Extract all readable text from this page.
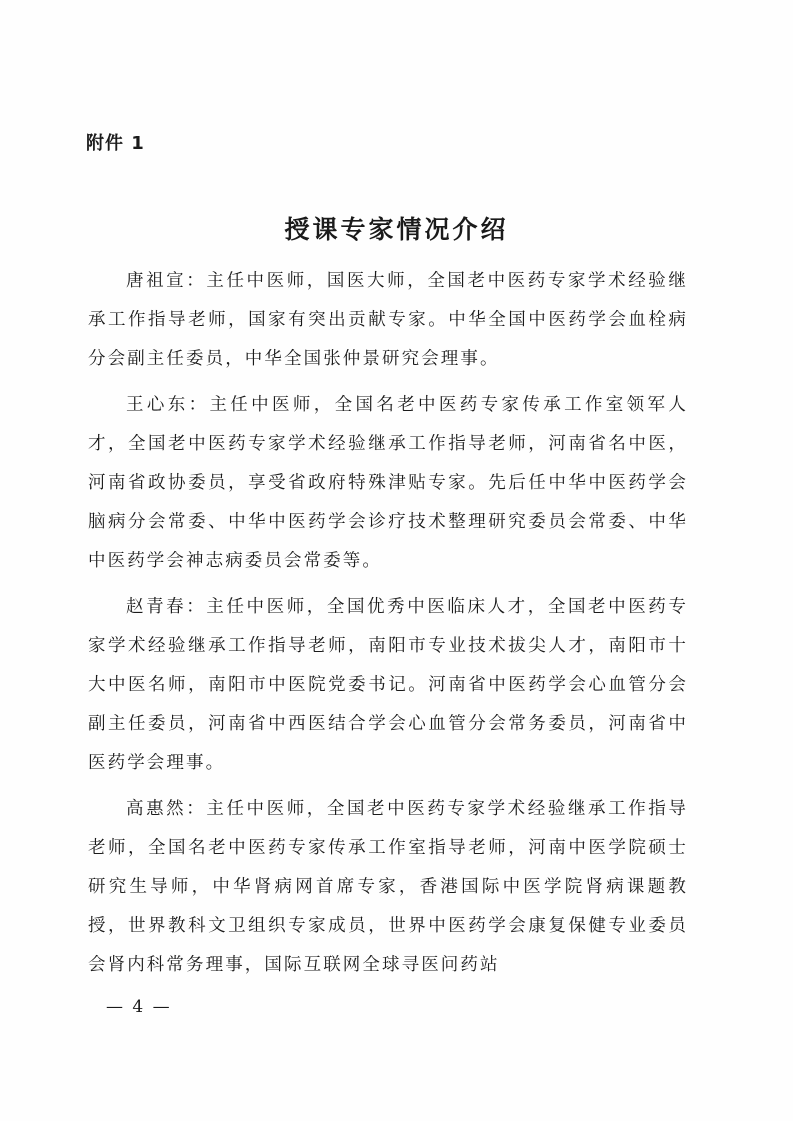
附件 1
授课专家情况介绍

唐祖宣：主任中医师，国医大师，全国老中医药专家学术经验继承工作指导老师，国家有突出贡献专家。中华全国中医药学会血栓病分会副主任委员，中华全国张仲景研究会理事。

王心东：主任中医师，全国名老中医药专家传承工作室领军人才，全国老中医药专家学术经验继承工作指导老师，河南省名中医，河南省政协委员，享受省政府特殊津贴专家。先后任中华中医药学会脑病分会常委、中华中医药学会诊疗技术整理研究委员会常委、中华中医药学会神志病委员会常委等。

赵青春：主任中医师，全国优秀中医临床人才，全国老中医药专家学术经验继承工作指导老师，南阳市专业技术拔尖人才，南阳市十大中医名师，南阳市中医院党委书记。河南省中医药学会心血管分会副主任委员，河南省中西医结合学会心血管分会常务委员，河南省中医药学会理事。

高惠然：主任中医师，全国老中医药专家学术经验继承工作指导老师，全国名老中医药专家传承工作室指导老师，河南中医学院硕士研究生导师，中华肾病网首席专家，香港国际中医学院肾病课题教授，世界教科文卫组织专家成员，世界中医药学会康复保健专业委员会肾内科常务理事，国际互联网全球寻医问药站

— 4 —
